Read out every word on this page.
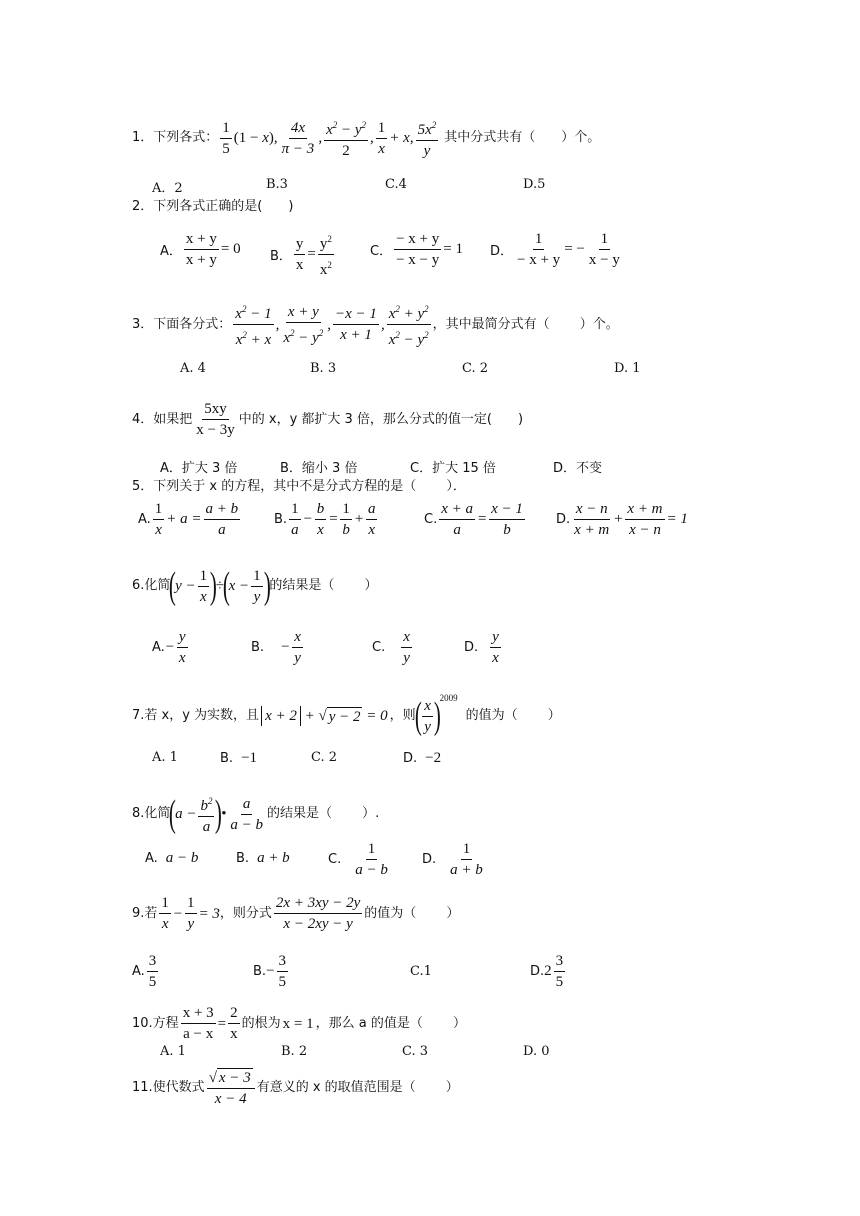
1．下列各式： $\frac{1}{5} (1 - x)$, $\frac{4x}{\pi - 3}$ , $\frac{x^2 - y^2}{2}$ , $\frac{1}{x} + x$, $\frac{5x^2}{y}$ 其中分式共有（　　）个。
A．2	B.3	C.4	D.5
2．下列各式正确的是(　　)
A． $\frac{x + y}{x + y} = 0$ B． $\frac{y}{x} = \frac{y^2}{x^2}$	C． $\frac{- x + y}{- x - y} = 1$ D． $\frac{1}{- x + y}$ = − $\frac{1}{x - y}$
3．下面各分式： $\frac{x^2 - 1}{x^2 + x}$ , $\frac{x + y}{x^2 - y^2}$ , $\frac{-x - 1}{x + 1}$ , $\frac{x^2 + y^2}{x^2 - y^2}$ ，其中最简分式有（　　 ）个。
A. 4	B. 3	C. 2	D. 1
4．如果把 $\frac{5xy}{x - 3y}$ 中的 x，y 都扩大 3 倍，那么分式的值一定(　　)
A．扩大 3 倍	B．缩小 3 倍	C．扩大 15 倍	D．不变
5．下列关于 x 的方程，其中不是分式方程的是（　　 ）．
A. $\frac{1}{x} + a = \frac{a + b}{a}$	B. $\frac{1}{a} - \frac{b}{x} = \frac{1}{b} + \frac{a}{x}$	C. $\frac{x + a}{a} = \frac{x - 1}{b} D$. $\frac{x - n}{x + m} + \frac{x + m}{x - n} = 1$
6.化简
(
$y - \frac{1}{x}$ )
÷
(
$x - \frac{1}{y}$ )
的结果是（　　 ）
A. − $\frac{y}{x}$	B. − $\frac{x}{y}$	C. $\frac{x}{y}$	D. $\frac{y}{x}$
7.若 x，y 为实数，且 x + 2 + √ y − 2 = 0 ，则
( $\frac{x}{y}$ )
2009
的值为（　　 ）
A. 1	B. −1	C. 2	D. −2
8.化简
(
$a - \frac{b^2}{a}$ )
• $\frac{a}{a - b}$ 的结果是（　　 ）.
A. a − b	B. a + b	C. $\frac{1}{a - b} D$. $\frac{1}{a + b}$
9.若 $\frac{1}{x} - \frac{1}{y} = 3$ ，则分式 $\frac{2x + 3xy - 2y}{x - 2xy - y}$ 的值为（　　 ）
A. $\frac{3}{5}$	B. − $\frac{3}{5}$	C.1	D. $2 \frac{3}{5}$
10.方程 $\frac{x + 3}{a - x} = \frac{2}{x}$ 的根为 x = 1 ，那么 a 的值是（　　 ）
A. 1	B. 2	C. 3	D. 0
11.使代数式 $\frac{√ x - 3}{x - 4}$ 有意义的 x 的取值范围是（　　 ）
